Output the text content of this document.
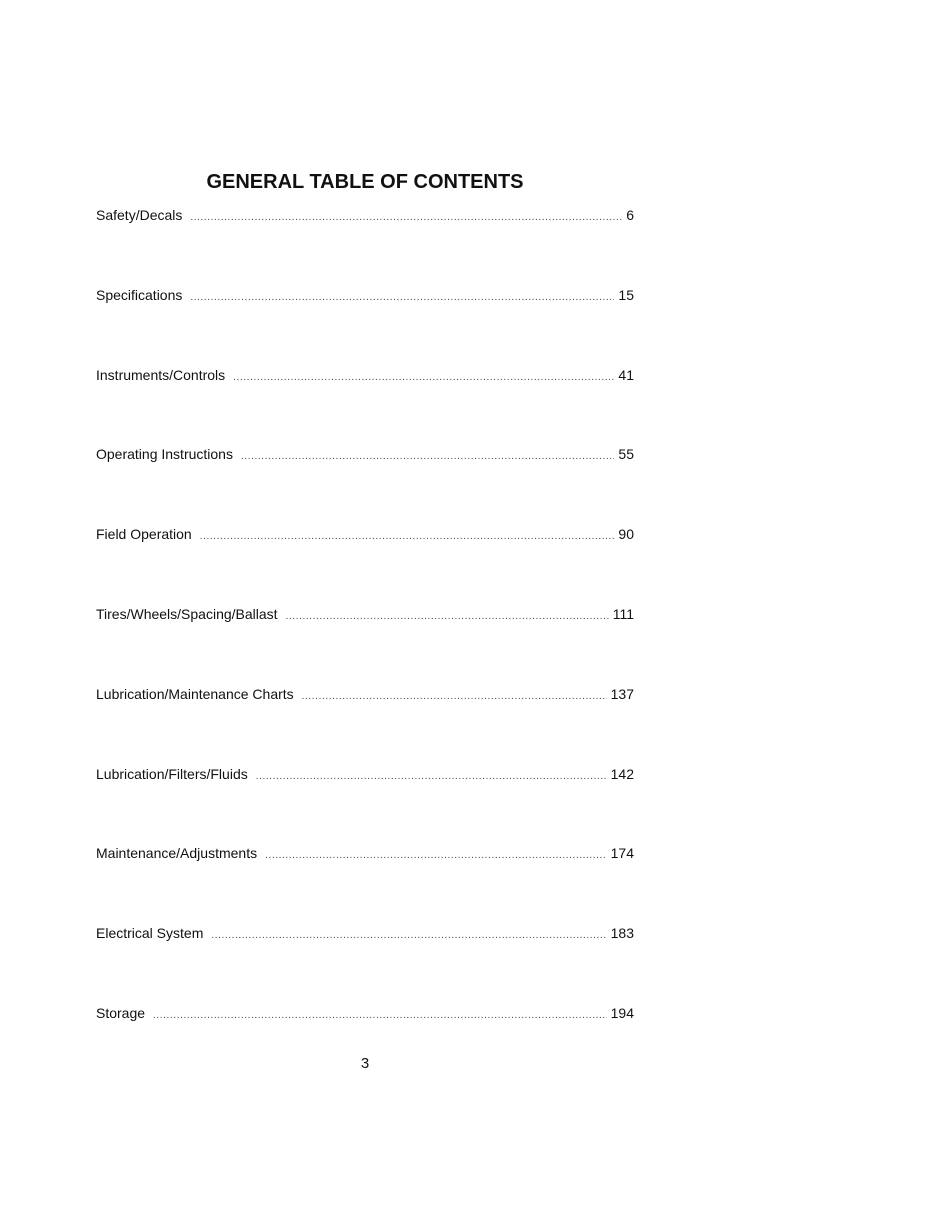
GENERAL TABLE OF CONTENTS
Safety/Decals .....	6
Specifications .....	15
Instruments/Controls .....	41
Operating Instructions .....	55
Field Operation .....	90
Tires/Wheels/Spacing/Ballast .....	111
Lubrication/Maintenance Charts .....	137
Lubrication/Filters/Fluids .....	142
Maintenance/Adjustments .....	174
Electrical System .....	183
Storage .....	194
3
